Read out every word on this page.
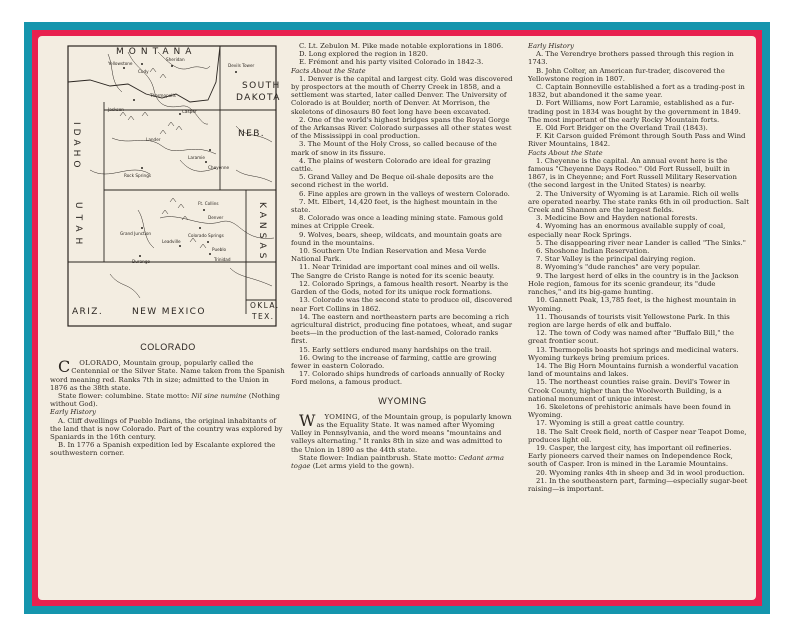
MONTANA
SOUTH
DAKOTA
IDAHO	NEB.
UTAH	KANSAS
ARIZ.	NEW MEXICO
OKLA.
TEX.
Yellowstone
Cody
Sheridan
Thermopolis
Casper
Jackson
Cheyenne
Laramie
Rock Springs
Denver
Pueblo
Grand Junction
Ft. Collins
Leadville
Colorado Springs
Trinidad
Durango
Lander
Devils Tower
COLORADO

C OLORADO, Mountain group, popularly called the Centennial or the Silver State. Name taken from the Spanish word meaning red. Ranks 7th in size; admitted to the Union in 1876 as the 38th state.

State flower: columbine. State motto: Nil sine numine (Nothing without God).

Early History

A. Cliff dwellings of Pueblo Indians, the original inhabitants of the land that is now Colorado. Part of the country was explored by Spaniards in the 16th century.

B. In 1776 a Spanish expedition led by Escalante explored the southwestern corner.

C. Lt. Zebulon M. Pike made notable explorations in 1806.

D. Long explored the region in 1820.

E. Frémont and his party visited Colorado in 1842-3.

Facts About the State

1. Denver is the capital and largest city. Gold was discovered by prospectors at the mouth of Cherry Creek in 1858, and a settlement was started, later called Denver. The University of Colorado is at Boulder, north of Denver. At Morrison, the skeletons of dinosaurs 80 feet long have been excavated.

2. One of the world's highest bridges spans the Royal Gorge of the Arkansas River. Colorado surpasses all other states west of the Mississippi in coal production.

3. The Mount of the Holy Cross, so called because of the mark of snow in its fissure.

4. The plains of western Colorado are ideal for grazing cattle.

5. Grand Valley and De Beque oil-shale deposits are the second richest in the world.

6. Fine apples are grown in the valleys of western Colorado.

7. Mt. Elbert, 14,420 feet, is the highest mountain in the state.

8. Colorado was once a leading mining state. Famous gold mines at Cripple Creek.

9. Wolves, bears, sheep, wildcats, and mountain goats are found in the mountains.

10. Southern Ute Indian Reservation and Mesa Verde National Park.

11. Near Trinidad are important coal mines and oil wells. The Sangre de Cristo Range is noted for its scenic beauty.

12. Colorado Springs, a famous health resort. Nearby is the Garden of the Gods, noted for its unique rock formations.

13. Colorado was the second state to produce oil, discovered near Fort Collins in 1862.

14. The eastern and northeastern parts are becoming a rich agricultural district, producing fine potatoes, wheat, and sugar beets—in the production of the last-named, Colorado ranks first.

15. Early settlers endured many hardships on the trail.

16. Owing to the increase of farming, cattle are growing fewer in eastern Colorado.

17. Colorado ships hundreds of carloads annually of Rocky Ford melons, a famous product.

WYOMING

W YOMING, of the Mountain group, is popularly known as the Equality State. It was named after Wyoming Valley in Pennsylvania, and the word means "mountains and valleys alternating." It ranks 8th in size and was admitted to the Union in 1890 as the 44th state.

State flower: Indian paintbrush. State motto: Cedant arma togae (Let arms yield to the gown).

Early History

A. The Verendrye brothers passed through this region in 1743.

B. John Colter, an American fur-trader, discovered the Yellowstone region in 1807.

C. Captain Bonneville established a fort as a trading-post in 1832, but abandoned it the same year.

D. Fort Williams, now Fort Laramie, established as a fur-trading post in 1834 was bought by the government in 1849. The most important of the early Rocky Mountain forts.

E. Old Fort Bridger on the Overland Trail (1843).

F. Kit Carson guided Frémont through South Pass and Wind River Mountains, 1842.

Facts About the State

1. Cheyenne is the capital. An annual event here is the famous "Cheyenne Days Rodeo." Old Fort Russell, built in 1867, is in Cheyenne; and Fort Russell Military Reservation (the second largest in the United States) is nearby.

2. The University of Wyoming is at Laramie. Rich oil wells are operated nearby. The state ranks 6th in oil production. Salt Creek and Shannon are the largest fields.

3. Medicine Bow and Hayden national forests.

4. Wyoming has an enormous available supply of coal, especially near Rock Springs.

5. The disappearing river near Lander is called "The Sinks."

6. Shoshone Indian Reservation.

7. Star Valley is the principal dairying region.

8. Wyoming's "dude ranches" are very popular.

9. The largest herd of elks in the country is in the Jackson Hole region, famous for its scenic grandeur, its "dude ranches," and its big-game hunting.

10. Gannett Peak, 13,785 feet, is the highest mountain in Wyoming.

11. Thousands of tourists visit Yellowstone Park. In this region are large herds of elk and buffalo.

12. The town of Cody was named after "Buffalo Bill," the great frontier scout.

13. Thermopolis boasts hot springs and medicinal waters. Wyoming turkeys bring premium prices.

14. The Big Horn Mountains furnish a wonderful vacation land of mountains and lakes.

15. The northeast counties raise grain. Devil's Tower in Crook County, higher than the Woolworth Building, is a national monument of unique interest.

16. Skeletons of prehistoric animals have been found in Wyoming.

17. Wyoming is still a great cattle country.

18. The Salt Creek field, north of Casper near Teapot Dome, produces light oil.

19. Casper, the largest city, has important oil refineries. Early pioneers carved their names on Independence Rock, south of Casper. Iron is mined in the Laramie Mountains.

20. Wyoming ranks 4th in sheep and 3d in wool production.

21. In the southeastern part, farming—especially sugar-beet raising—is important.
